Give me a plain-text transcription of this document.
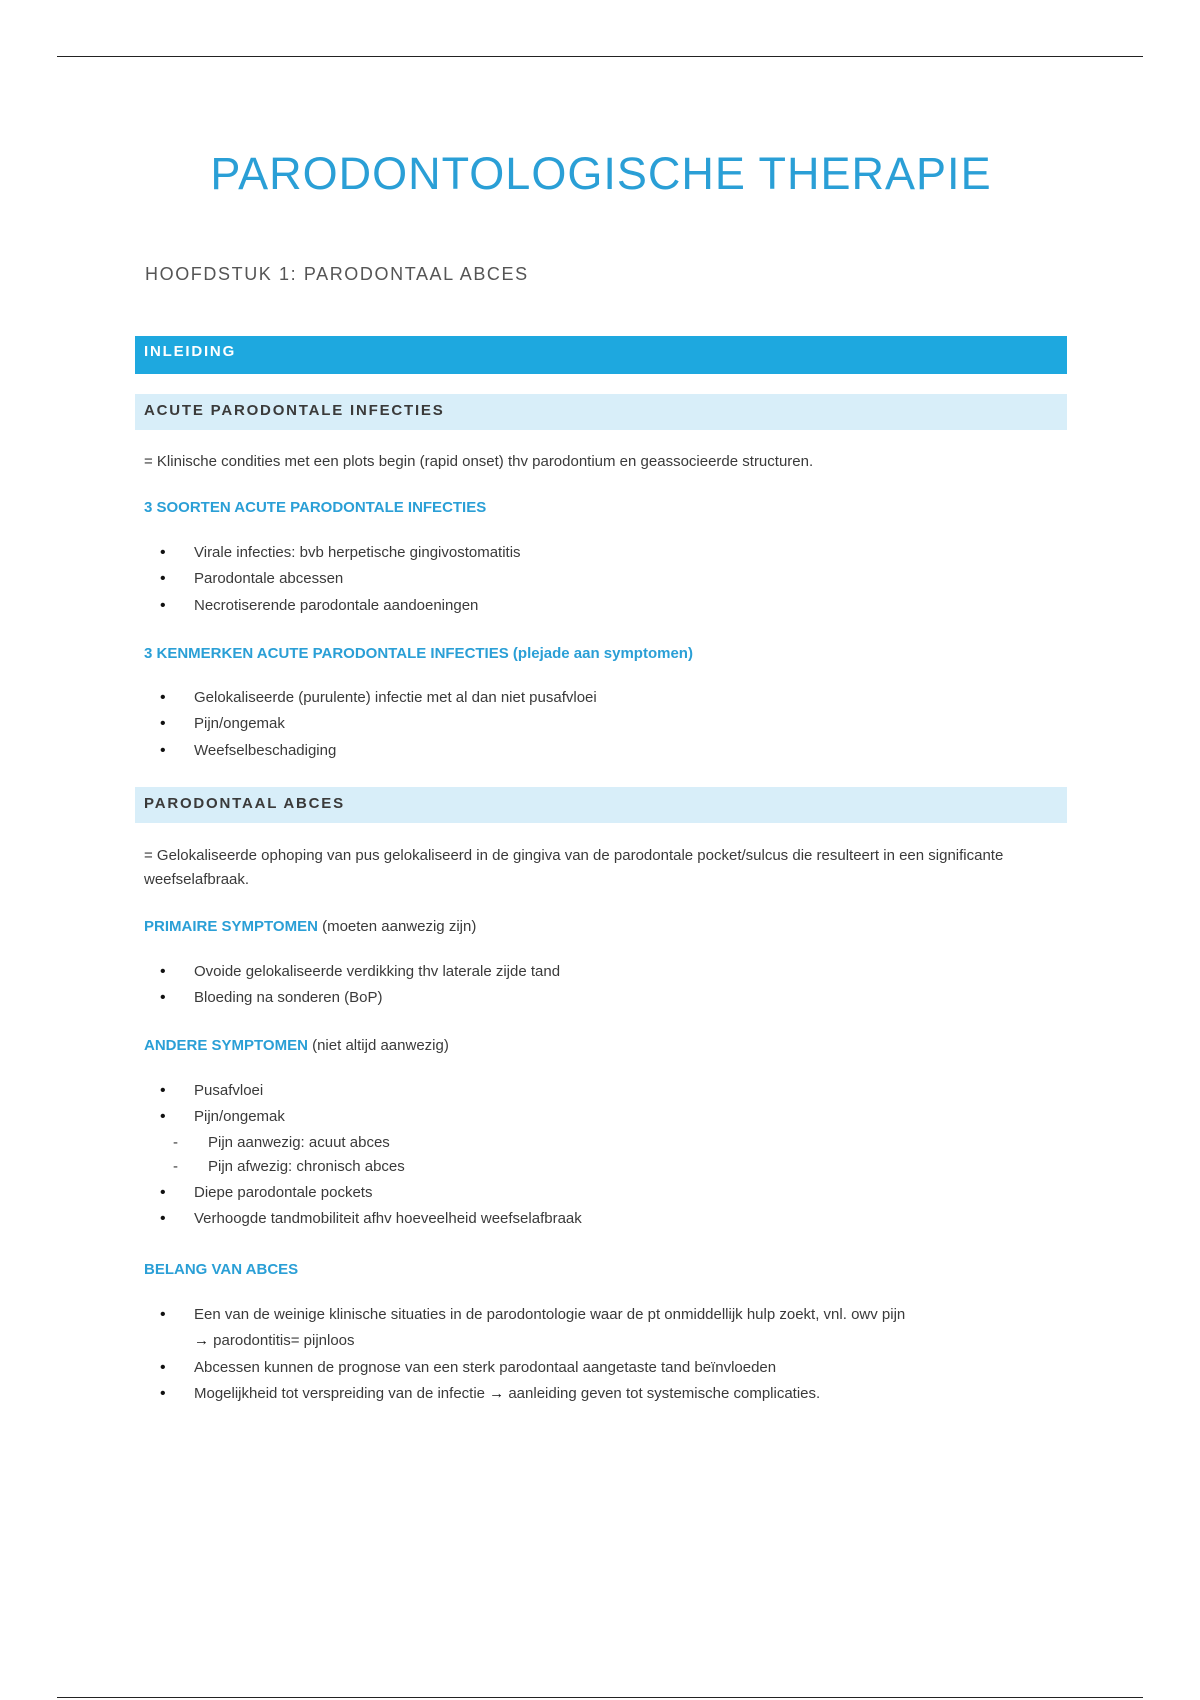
PARODONTOLOGISCHE THERAPIE
HOOFDSTUK 1: PARODONTAAL ABCES
INLEIDING
ACUTE PARODONTALE INFECTIES
= Klinische condities met een plots begin (rapid onset) thv parodontium en geassocieerde structuren.
3 SOORTEN ACUTE PARODONTALE INFECTIES
• Virale infecties: bvb herpetische gingivostomatitis
• Parodontale abcessen
• Necrotiserende parodontale aandoeningen
3 KENMERKEN ACUTE PARODONTALE INFECTIES (plejade aan symptomen)
• Gelokaliseerde (purulente) infectie met al dan niet pusafvloei
• Pijn/ongemak
• Weefselbeschadiging
PARODONTAAL ABCES
= Gelokaliseerde ophoping van pus gelokaliseerd in de gingiva van de parodontale pocket/sulcus die resulteert in een significante weefselafbraak.
PRIMAIRE SYMPTOMEN (moeten aanwezig zijn)
• Ovoide gelokaliseerde verdikking thv laterale zijde tand
• Bloeding na sonderen (BoP)
ANDERE SYMPTOMEN (niet altijd aanwezig)
• Pusafvloei
• Pijn/ongemak
- Pijn aanwezig: acuut abces
- Pijn afwezig: chronisch abces
• Diepe parodontale pockets
• Verhoogde tandmobiliteit afhv hoeveelheid weefselafbraak
BELANG VAN ABCES
• Een van de weinige klinische situaties in de parodontologie waar de pt onmiddellijk hulp zoekt, vnl. owv pijn
→ parodontitis= pijnloos
• Abcessen kunnen de prognose van een sterk parodontaal aangetaste tand beïnvloeden
• Mogelijkheid tot verspreiding van de infectie → aanleiding geven tot systemische complicaties.
